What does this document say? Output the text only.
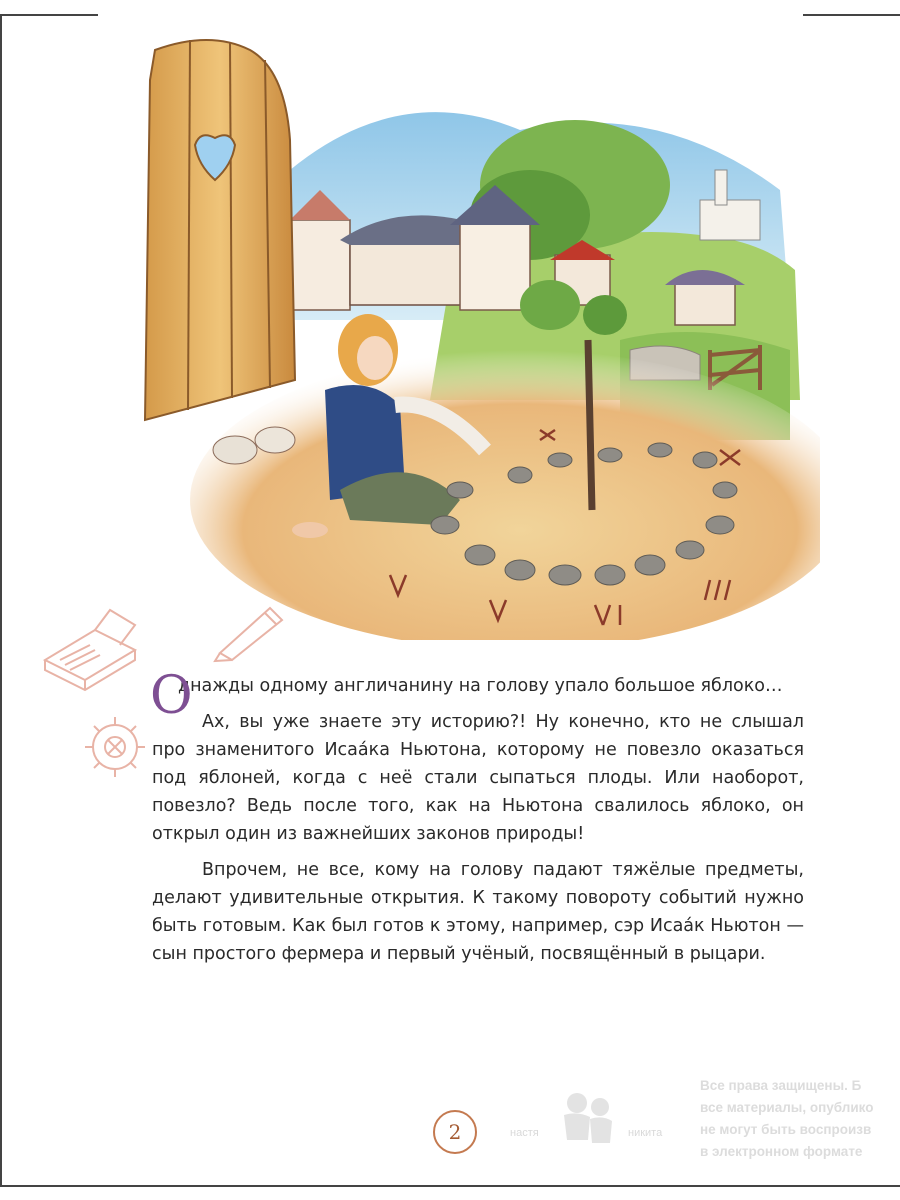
О
днажды одному англичанину на голову упало большое яблоко…

Ах, вы уже знаете эту историю?! Ну конечно, кто не слышал про знаменитого Исаáка Ньютона, которому не повезло оказаться под яблоней, когда с неё стали сыпаться плоды. Или наоборот, повезло? Ведь после того, как на Ньютона свалилось яблоко, он открыл один из важнейших законов природы!

Впрочем, не все, кому на голову падают тяжёлые предметы, делают удивительные открытия. К такому повороту событий нужно быть готовым. Как был готов к этому, например, сэр Исаáк Ньютон — сын простого фермера и первый учёный, посвящённый в рыцари.

2	настя	никита
Все права защищены. Б
все материалы, опублико
не могут быть воспроизв
в электронном формате
